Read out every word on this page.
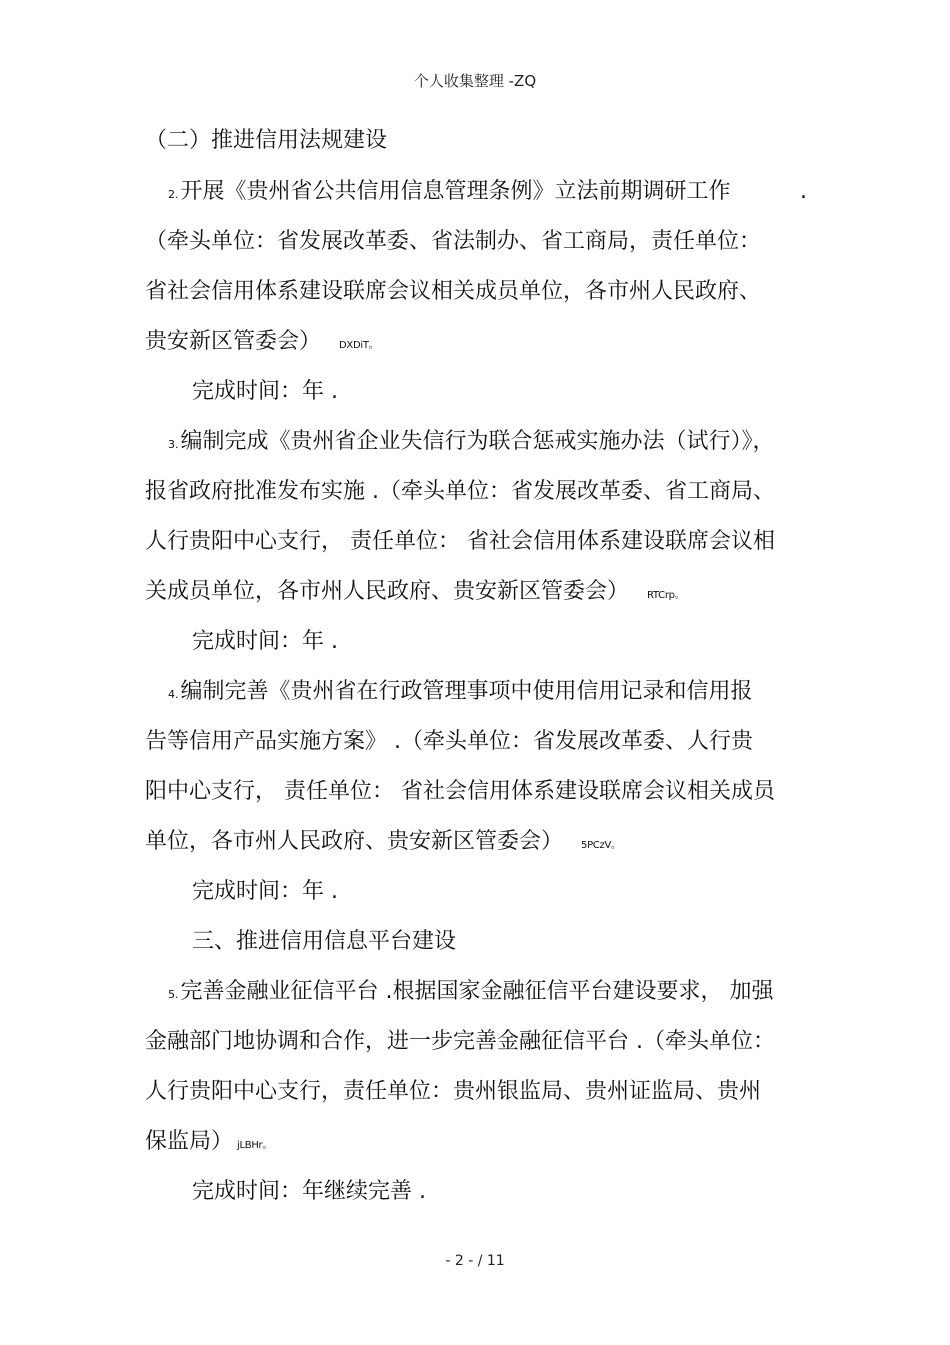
个人收集整理 -ZQ
（二）推进信用法规建设
2.开展《贵州省公共信用信息管理条例》立法前期调研工作	.
（牵头单位：省发展改革委、省法制办、省工商局，责任单位：
省社会信用体系建设联席会议相关成员单位，各市州人民政府、
贵安新区管委会） DXDiT。
完成时间：年 .
3.编制完成《贵州省企业失信行为联合惩戒实施办法（试行）》，
报省政府批准发布实施 .（牵头单位：省发展改革委、省工商局、
人行贵阳中心支行， 责任单位： 省社会信用体系建设联席会议相
关成员单位，各市州人民政府、贵安新区管委会） RTCrp。
完成时间：年 .
4.编制完善《贵州省在行政管理事项中使用信用记录和信用报
告等信用产品实施方案》 .（牵头单位：省发展改革委、人行贵
阳中心支行， 责任单位： 省社会信用体系建设联席会议相关成员
单位，各市州人民政府、贵安新区管委会） 5PCzV。
完成时间：年 .
三、推进信用信息平台建设
5.完善金融业征信平台 .根据国家金融征信平台建设要求， 加强
金融部门地协调和合作，进一步完善金融征信平台 .（牵头单位：
人行贵阳中心支行，责任单位：贵州银监局、贵州证监局、贵州
保监局） jLBHr。
完成时间：年继续完善 .
- 2 - / 11
